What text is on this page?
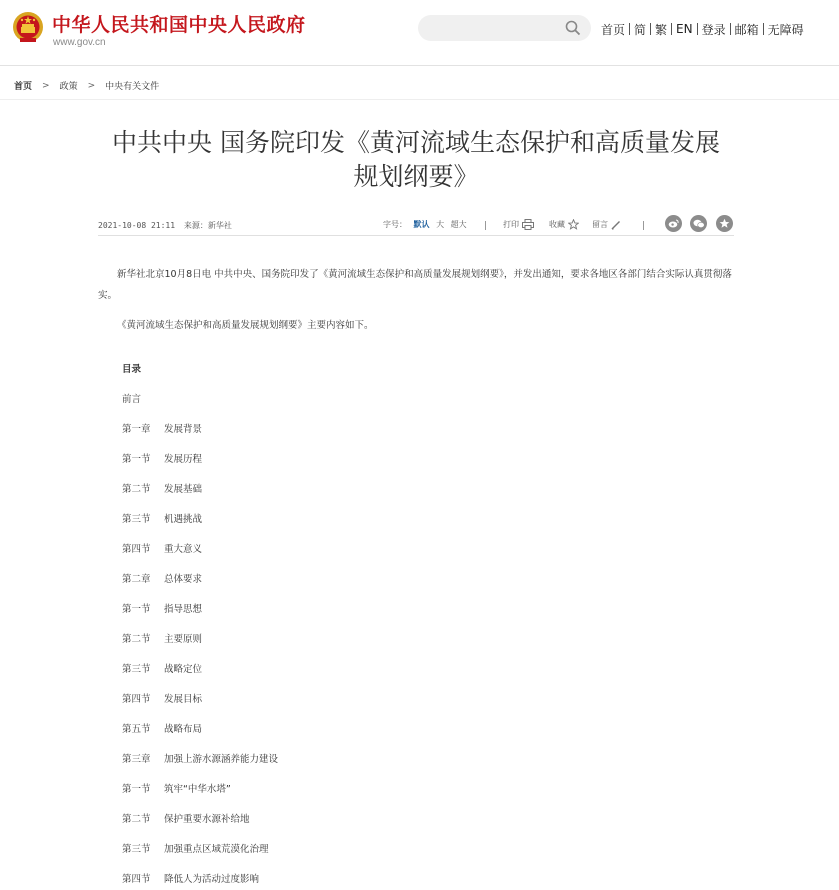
中华人民共和国中央人民政府
www.gov.cn
首页 简 繁 EN 登录 邮箱 无障碍
首页 > 政策 > 中央有关文件
中共中央 国务院印发《黄河流域生态保护和高质量发展
规划纲要》
2021-10-08 21:11 来源：新华社	字号： 默认 大 超大	打印	收藏	留言

新华社北京10月8日电 中共中央、国务院印发了《黄河流域生态保护和高质量发展规划纲要》，并发出通知，要求各地区各部门结合实际认真贯彻落实。

《黄河流域生态保护和高质量发展规划纲要》主要内容如下。

目录
前言
第一章 发展背景
第一节 发展历程
第二节 发展基础
第三节 机遇挑战
第四节 重大意义
第二章 总体要求
第一节 指导思想
第二节 主要原则
第三节 战略定位
第四节 发展目标
第五节 战略布局
第三章 加强上游水源涵养能力建设
第一节 筑牢“中华水塔”
第二节 保护重要水源补给地
第三节 加强重点区域荒漠化治理
第四节 降低人为活动过度影响
